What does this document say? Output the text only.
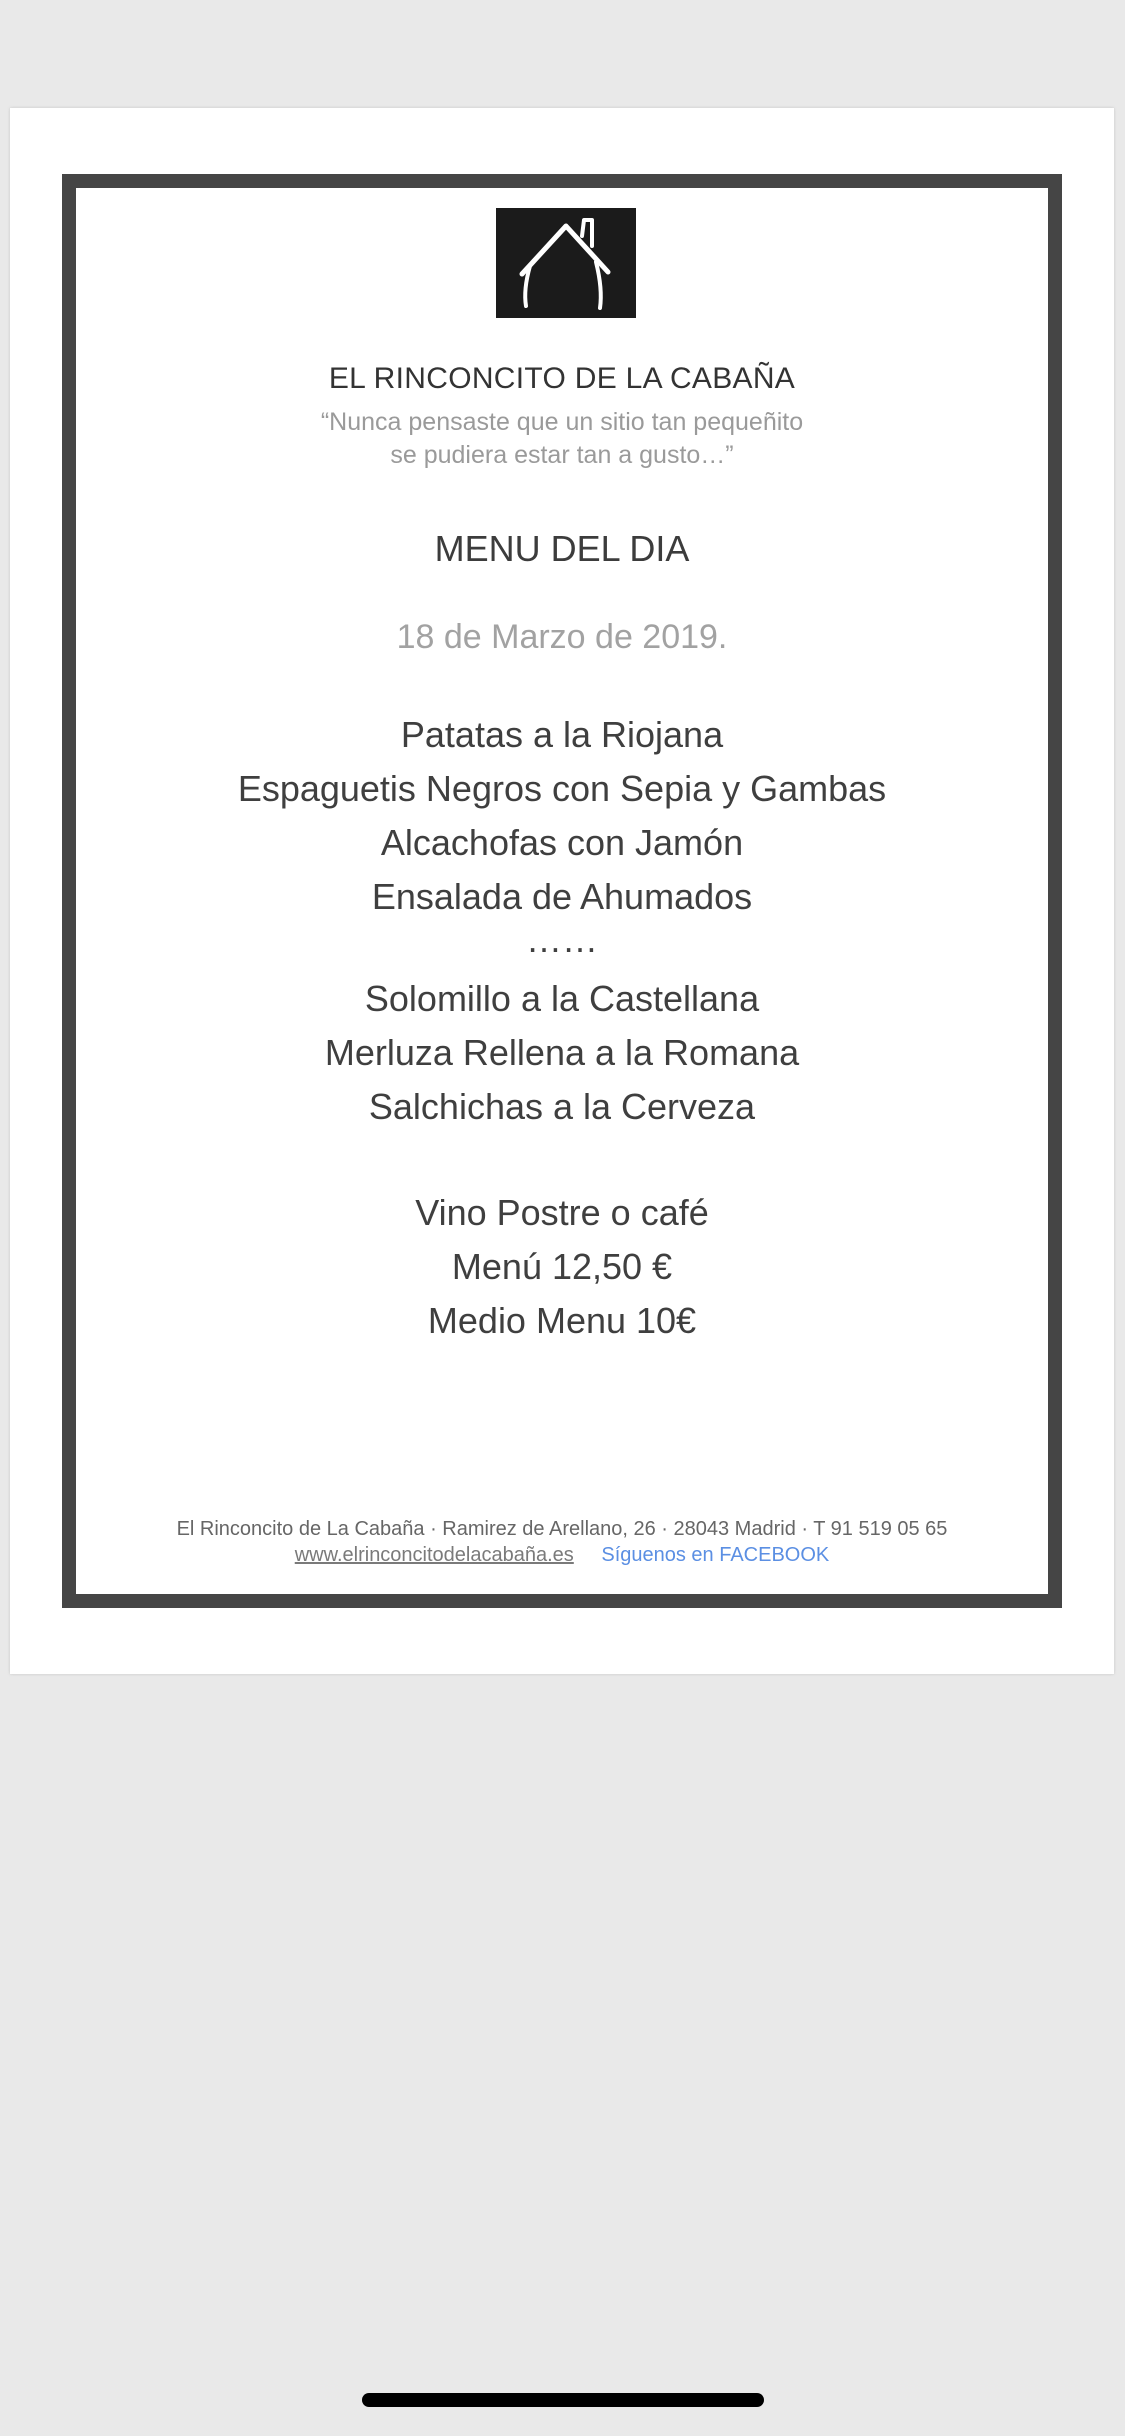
EL RINCONCITO DE LA CABAÑA
“Nunca pensaste que un sitio tan pequeñito
se pudiera estar tan a gusto…”
MENU DEL DIA
18 de Marzo de 2019.
Patatas a la Riojana
Espaguetis Negros con Sepia y Gambas
Alcachofas con Jamón
Ensalada de Ahumados
……
Solomillo a la Castellana
Merluza Rellena a la Romana
Salchichas a la Cerveza
Vino Postre o café
Menú 12,50 €
Medio Menu 10€
El Rinconcito de La Cabaña · Ramirez de Arellano, 26 · 28043 Madrid · T 91 519 05 65
www.elrinconcitodelacabaña.es Síguenos en FACEBOOK
